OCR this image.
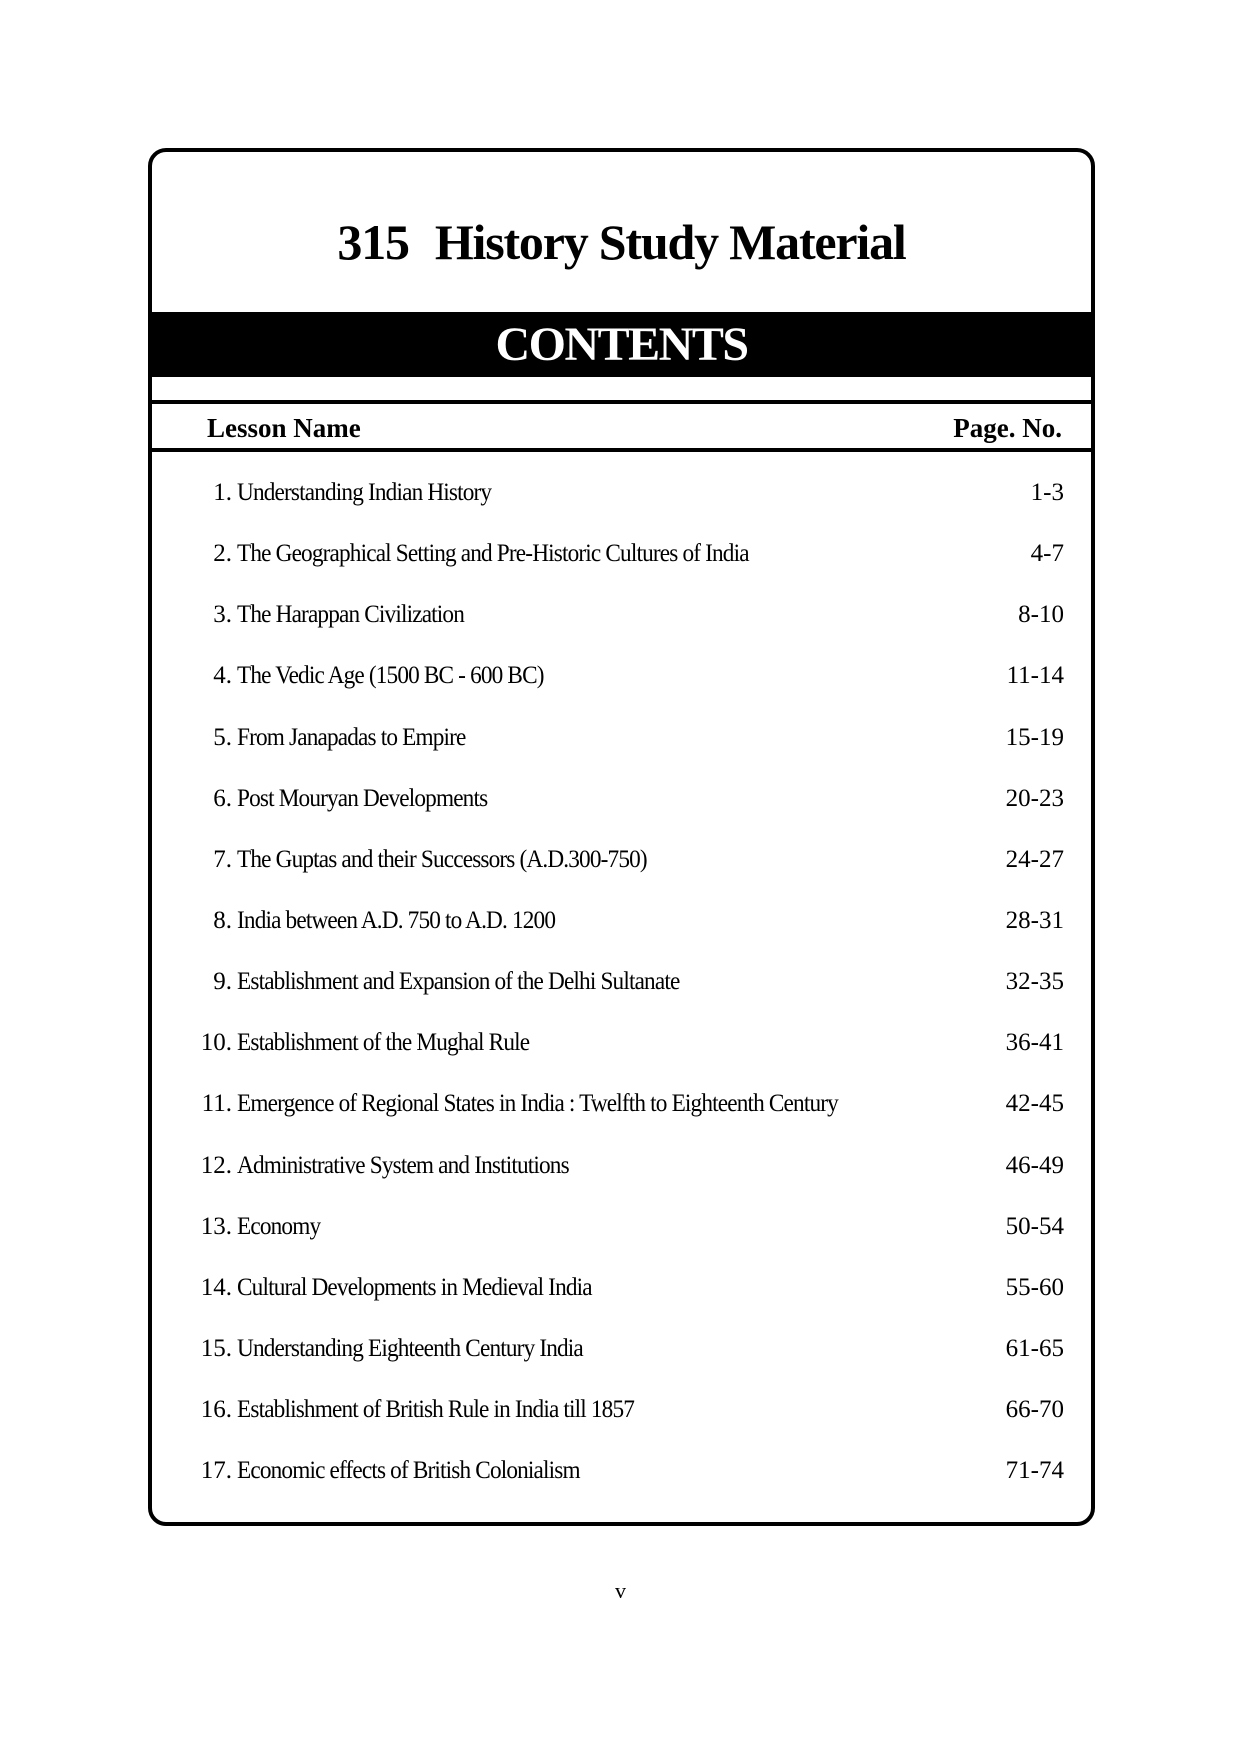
315 History Study Material
CONTENTS
Lesson Name	Page. No.
1. Understanding Indian History	1-3
2. The Geographical Setting and Pre-Historic Cultures of India	4-7
3. The Harappan Civilization	8-10
4. The Vedic Age (1500 BC - 600 BC)	11-14
5. From Janapadas to Empire	15-19
6. Post Mouryan Developments	20-23
7. The Guptas and their Successors (A.D.300-750)	24-27
8. India between A.D. 750 to A.D. 1200	28-31
9. Establishment and Expansion of the Delhi Sultanate	32-35
10. Establishment of the Mughal Rule	36-41
11. Emergence of Regional States in India : Twelfth to Eighteenth Century	42-45
12. Administrative System and Institutions	46-49
13. Economy	50-54
14. Cultural Developments in Medieval India	55-60
15. Understanding Eighteenth Century India	61-65
16. Establishment of British Rule in India till 1857	66-70
17. Economic effects of British Colonialism	71-74
v
